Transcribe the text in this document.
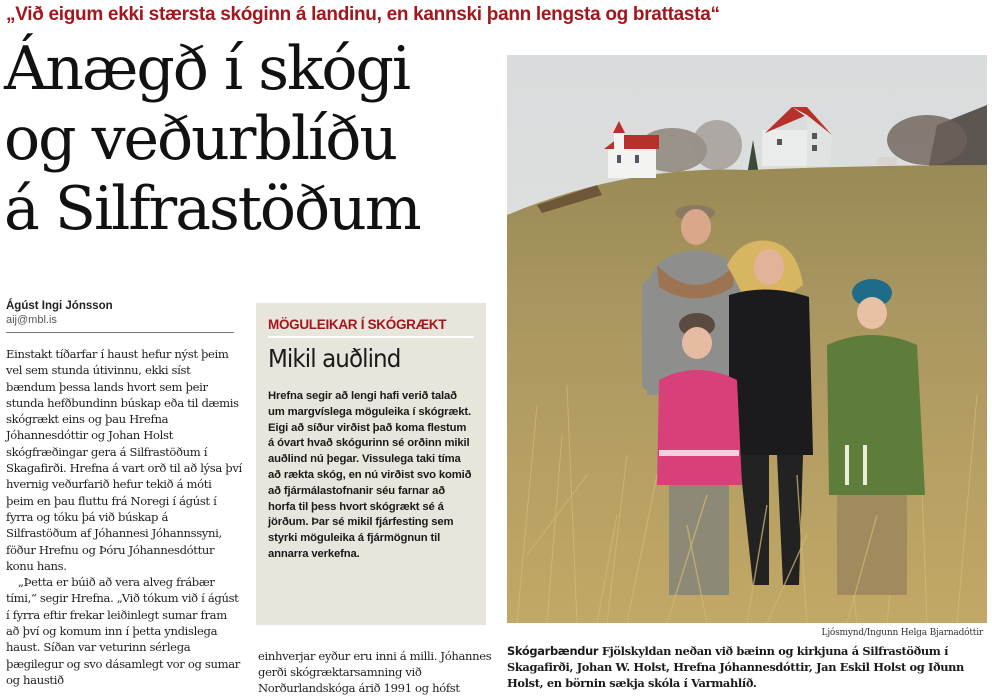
„Við eigum ekki stærsta skóginn á landinu, en kannski þann lengsta og brattasta“
Ánægð í skógi
og veðurblíðu
á Silfrastöðum
Ágúst Ingi Jónsson
aij@mbl.is

Einstakt tíðarfar í haust hefur nýst þeim vel sem stunda útivinnu, ekki síst bændum þessa lands hvort sem þeir stunda hefðbundinn búskap eða til dæmis skógrækt eins og þau Hrefna Jóhannesdóttir og Johan Holst skógfræðingar gera á Silfrastöðum í Skagafirði. Hrefna á vart orð til að lýsa því hvernig veðurfarið hefur tekið á móti þeim en þau fluttu frá Noregi í ágúst í fyrra og tóku þá við búskap á Silfrastöðum af Jóhannesi Jóhannssyni, föður Hrefnu og Þóru Jóhannesdóttur konu hans.

„Þetta er búið að vera alveg frábær tími,“ segir Hrefna. „Við tókum við í ágúst í fyrra eftir frekar leiðinlegt sumar fram að því og komum inn í þetta yndislega haust. Síðan var veturinn sérlega þægilegur og svo dásamlegt vor og sumar og haustið

MÖGULEIKAR Í SKÓGRÆKT
Mikil auðlind
Hrefna segir að lengi hafi verið talað um margvíslega möguleika í skógrækt. Eigi að síður virðist það koma flestum á óvart hvað skógurinn sé orðinn mikil auðlind nú þegar. Vissulega taki tíma að rækta skóg, en nú virðist svo komið að fjármálastofnanir séu farnar að horfa til þess hvort skógrækt sé á jörðum. Þar sé mikil fjárfesting sem styrki möguleika á fjármögnun til annarra verkefna.
einhverjar eyður eru inni á milli. Jóhannes gerði skógræktarsamning við Norðurlandskóga árið 1991 og hófst
Ljósmynd/Ingunn Helga Bjarnadóttir
Skógarbændur Fjölskyldan neðan við bæinn og kirkjuna á Silfrastöðum í Skagafirði, Johan W. Holst, Hrefna Jóhannesdóttir, Jan Eskil Holst og Iðunn Holst, en börnin sækja skóla í Varmahlíð.
